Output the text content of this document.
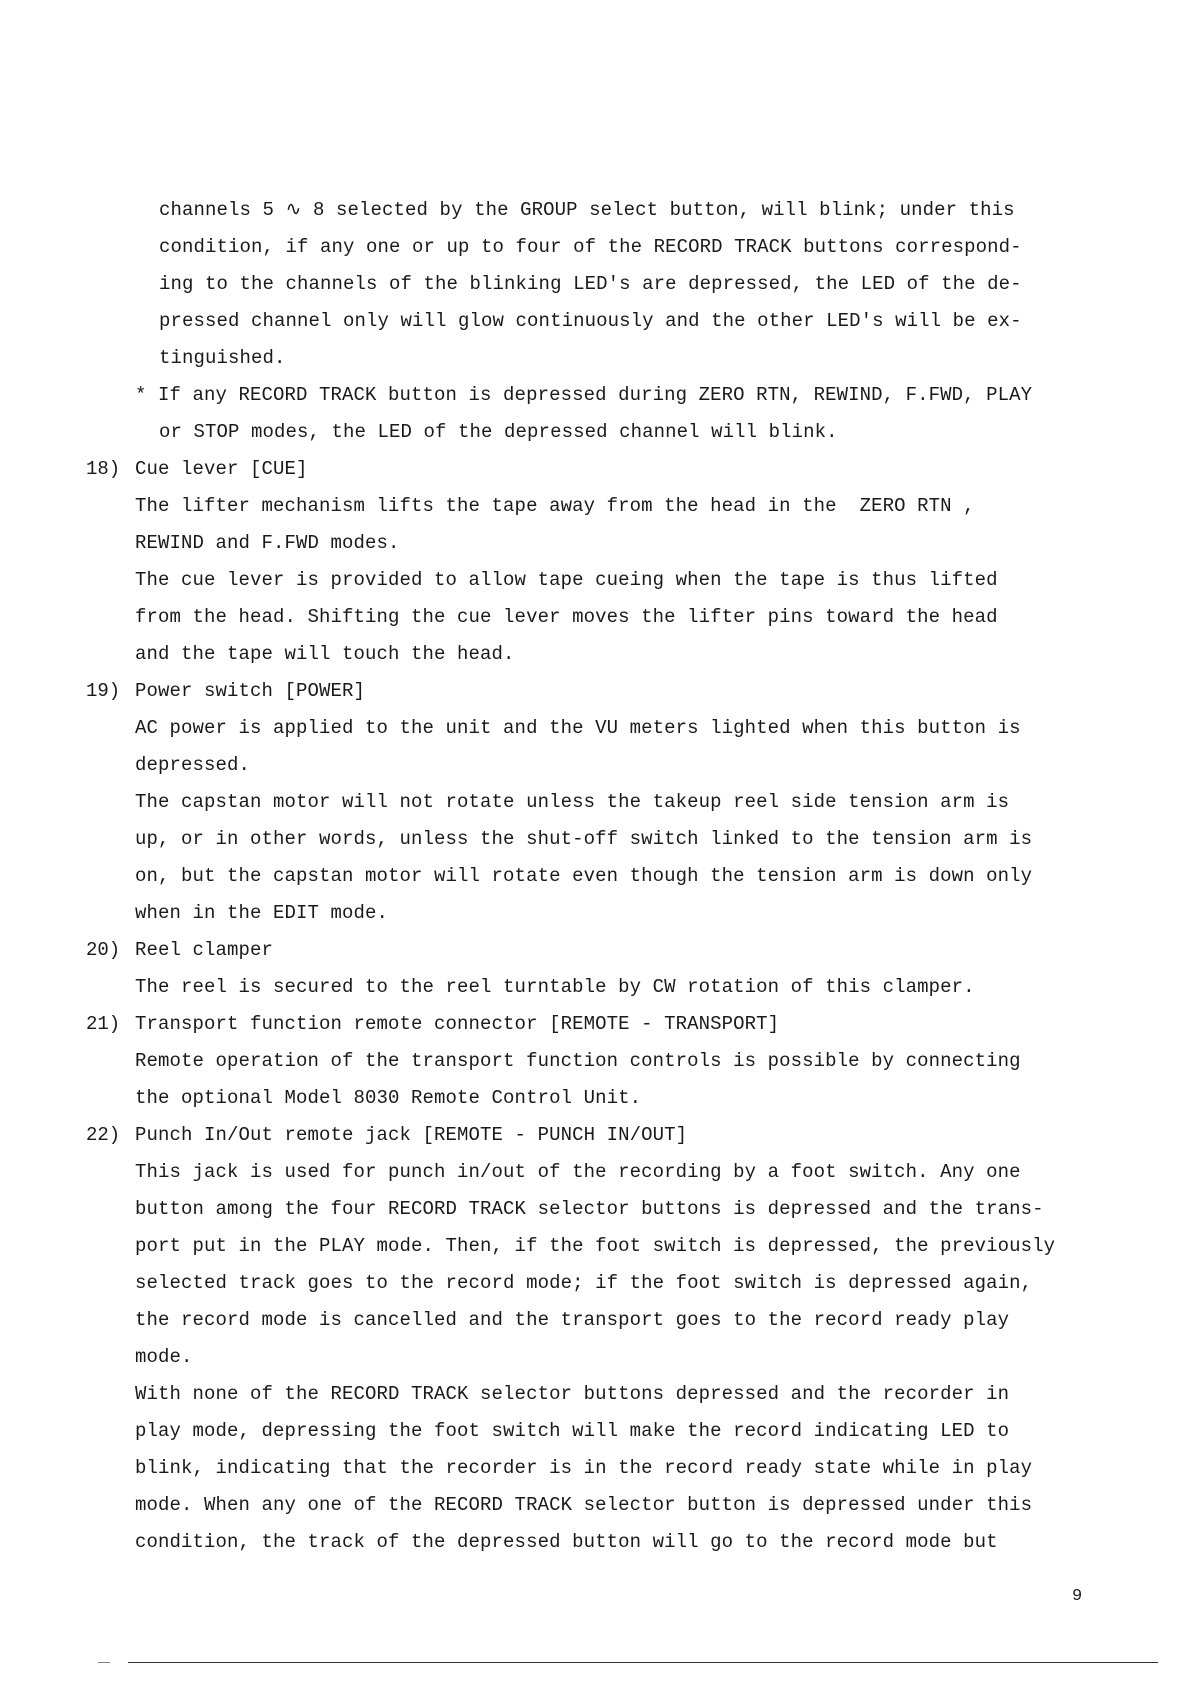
channels 5 ∿ 8 selected by the GROUP select button, will blink; under this
condition, if any one or up to four of the RECORD TRACK buttons correspond-
ing to the channels of the blinking LED's are depressed, the LED of the de-
pressed channel only will glow continuously and the other LED's will be ex-
tinguished.
* If any RECORD TRACK button is depressed during ZERO RTN, REWIND, F.FWD, PLAY
or STOP modes, the LED of the depressed channel will blink.
18) Cue lever [CUE]
The lifter mechanism lifts the tape away from the head in the  ZERO RTN ,
REWIND and F.FWD modes.
The cue lever is provided to allow tape cueing when the tape is thus lifted
from the head. Shifting the cue lever moves the lifter pins toward the head
and the tape will touch the head.
19) Power switch [POWER]
AC power is applied to the unit and the VU meters lighted when this button is
depressed.
The capstan motor will not rotate unless the takeup reel side tension arm is
up, or in other words, unless the shut-off switch linked to the tension arm is
on, but the capstan motor will rotate even though the tension arm is down only
when in the EDIT mode.
20) Reel clamper
The reel is secured to the reel turntable by CW rotation of this clamper.
21) Transport function remote connector [REMOTE - TRANSPORT]
Remote operation of the transport function controls is possible by connecting
the optional Model 8030 Remote Control Unit.
22) Punch In/Out remote jack [REMOTE - PUNCH IN/OUT]
This jack is used for punch in/out of the recording by a foot switch. Any one
button among the four RECORD TRACK selector buttons is depressed and the trans-
port put in the PLAY mode. Then, if the foot switch is depressed, the previously
selected track goes to the record mode; if the foot switch is depressed again,
the record mode is cancelled and the transport goes to the record ready play
mode.
With none of the RECORD TRACK selector buttons depressed and the recorder in
play mode, depressing the foot switch will make the record indicating LED to
blink, indicating that the recorder is in the record ready state while in play
mode. When any one of the RECORD TRACK selector button is depressed under this
condition, the track of the depressed button will go to the record mode but
9
